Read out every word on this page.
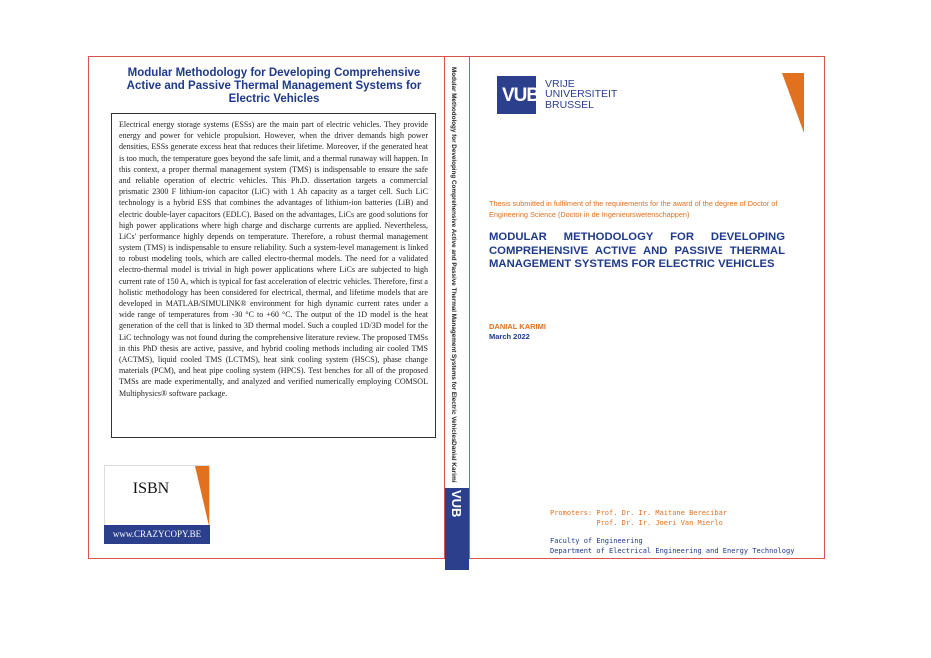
Modular Methodology for Developing Comprehensive Active and Passive Thermal Management Systems for Electric Vehicles

Electrical energy storage systems (ESSs) are the main part of electric vehicles. They provide energy and power for vehicle propulsion. However, when the driver demands high power densities, ESSs generate excess heat that reduces their lifetime. Moreover, if the generated heat is too much, the temperature goes beyond the safe limit, and a thermal runaway will happen. In this context, a proper thermal management system (TMS) is indispensable to ensure the safe and reliable operation of electric vehicles. This Ph.D. dissertation targets a commercial prismatic 2300 F lithium-ion capacitor (LiC) with 1 Ah capacity as a target cell. Such LiC technology is a hybrid ESS that combines the advantages of lithium-ion batteries (LiB) and electric double-layer capacitors (EDLC). Based on the advantages, LiCs are good solutions for high power applications where high charge and discharge currents are applied. Nevertheless, LiCs' performance highly depends on temperature. Therefore, a robust thermal management system (TMS) is indispensable to ensure reliability. Such a system-level management is linked to robust modeling tools, which are called electro-thermal models. The need for a validated electro-thermal model is trivial in high power applications where LiCs are subjected to high current rate of 150 A, which is typical for fast acceleration of electric vehicles. Therefore, first a holistic methodology has been considered for electrical, thermal, and lifetime models that are developed in MATLAB/SIMULINK® environment for high dynamic current rates under a wide range of temperatures from -30 °C to +60 °C. The output of the 1D model is the heat generation of the cell that is linked to 3D thermal model. Such a coupled 1D/3D model for the LiC technology was not found during the comprehensive literature review. The proposed TMSs in this PhD thesis are active, passive, and hybrid cooling methods including air cooled TMS (ACTMS), liquid cooled TMS (LCTMS), heat sink cooling system (HSCS), phase change materials (PCM), and heat pipe cooling system (HPCS). Test benches for all of the proposed TMSs are made experimentally, and analyzed and verified numerically employing COMSOL Multiphysics® software package.

ISBN
www.CRAZYCOPY.BE
Modular Methodology for Developing Comprehensive Active and Passive Thermal Management Systems for Electric Vehicles
Danial Karimi
VUB
VUB
VRIJE
UNIVERSITEIT
BRUSSEL
Thesis submitted in fulfilment of the requirements for the award of the degree of Doctor of Engineering Science (Doctor in de Ingenieurswetenschappen)
MODULAR METHODOLOGY FOR DEVELOPING COMPREHENSIVE ACTIVE AND PASSIVE THERMAL MANAGEMENT SYSTEMS FOR ELECTRIC VEHICLES
DANIAL KARIMI
March 2022
Promoters: Prof. Dr. Ir. Maitane Berecibar
Prof. Dr. Ir. Joeri Van Mierlo
Faculty of Engineering
Department of Electrical Engineering and Energy Technology
